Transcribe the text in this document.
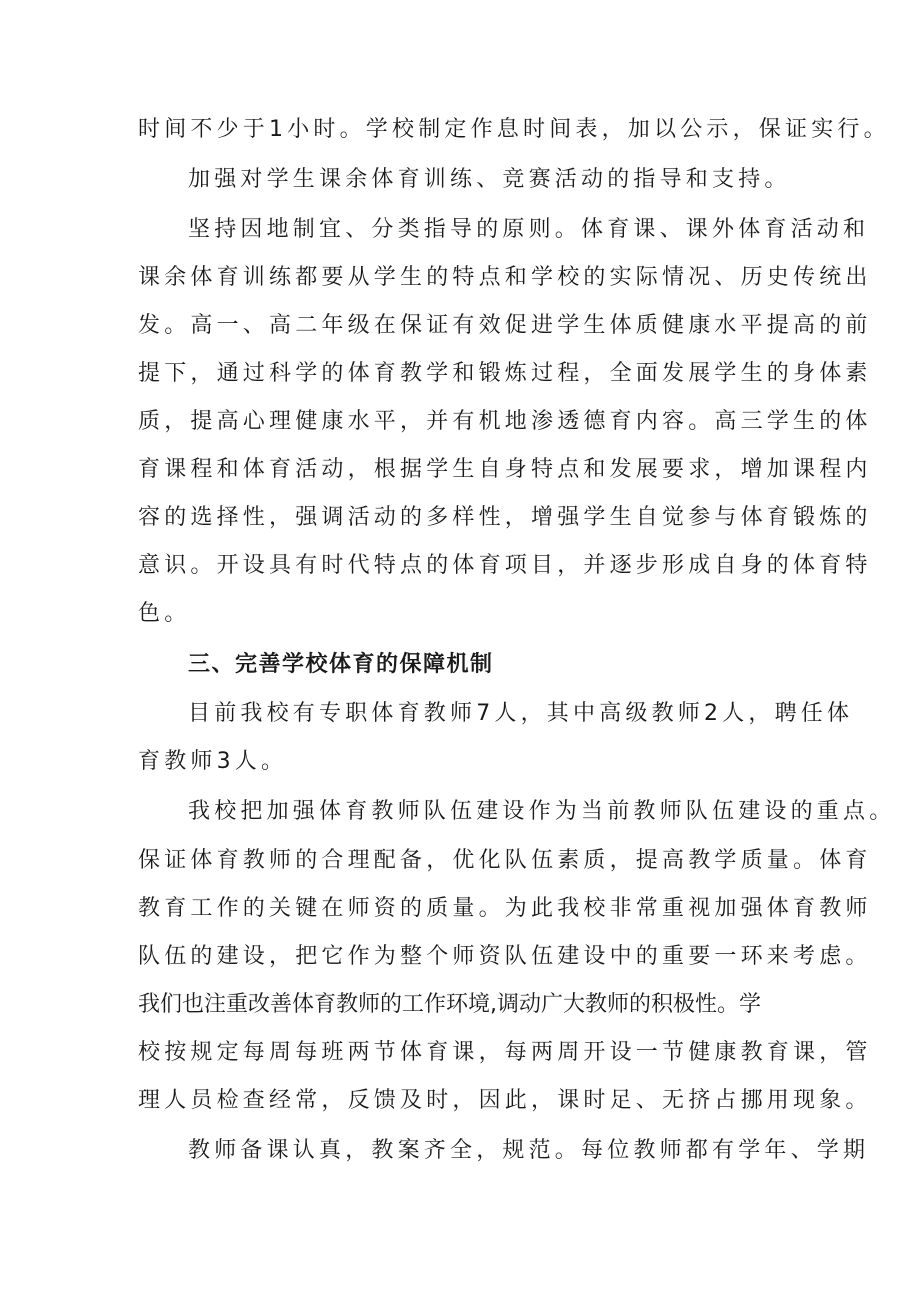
时间不少于1小时。学校制定作息时间表，加以公示，保证实行。
加强对学生课余体育训练、竞赛活动的指导和支持。
坚持因地制宜、分类指导的原则。体育课、课外体育活动和
课余体育训练都要从学生的特点和学校的实际情况、历史传统出
发。高一、高二年级在保证有效促进学生体质健康水平提高的前
提下，通过科学的体育教学和锻炼过程，全面发展学生的身体素
质，提高心理健康水平，并有机地渗透德育内容。高三学生的体
育课程和体育活动，根据学生自身特点和发展要求，增加课程内
容的选择性，强调活动的多样性，增强学生自觉参与体育锻炼的
意识。开设具有时代特点的体育项目，并逐步形成自身的体育特
色。
三、完善学校体育的保障机制
目前我校有专职体育教师7人，其中高级教师2人，聘任体
育教师3人。
我校把加强体育教师队伍建设作为当前教师队伍建设的重点。
保证体育教师的合理配备，优化队伍素质，提高教学质量。体育
教育工作的关键在师资的质量。为此我校非常重视加强体育教师
队伍的建设，把它作为整个师资队伍建设中的重要一环来考虑。
我们也注重改善体育教师的工作环境,调动广大教师的积极性。学
校按规定每周每班两节体育课，每两周开设一节健康教育课，管
理人员检查经常，反馈及时，因此，课时足、无挤占挪用现象。
教师备课认真，教案齐全，规范。每位教师都有学年、学期
